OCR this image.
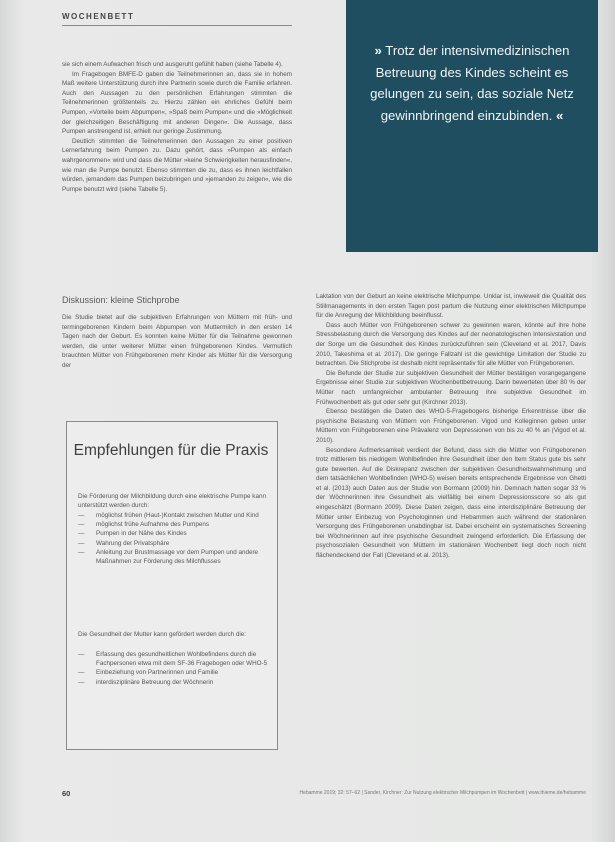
WOCHENBETT
» Trotz der intensivmedizinischen Betreuung des Kindes scheint es gelungen zu sein, das soziale Netz gewinnbringend einzubinden. «

sie sich einem Aufwachen frisch und ausgeruht gefühlt haben (siehe Tabelle 4).

Im Fragebogen BMFE-D gaben die Teilnehmerinnen an, dass sie in hohem Maß weitere Unterstützung durch ihre Partnerin sowie durch die Familie erfahren. Auch den Aussagen zu den persönlichen Erfahrungen stimmten die Teilnehmerinnen größtenteils zu. Hierzu zählen ein ehrliches Gefühl beim Pumpen, »Vorteile beim Abpumpen«, »Spaß beim Pumpen« und die »Möglichkeit der gleichzeitigen Beschäftigung mit anderen Dingen«. Die Aussage, dass Pumpen anstrengend ist, erhielt nur geringe Zustimmung.

Deutlich stimmten die Teilnehmerinnen den Aussagen zu einer positiven Lernerfahrung beim Pumpen zu. Dazu gehört, dass »Pumpen als einfach wahrgenommen« wird und dass die Mütter »keine Schwierigkeiten herausfinden«, wie man die Pumpe benutzt. Ebenso stimmten die zu, dass es ihnen leichtfallen würden, jemandem das Pumpen beizubringen und »jemanden zu zeigen«, wie die Pumpe benutzt wird (siehe Tabelle 5).

Diskussion: kleine Stichprobe

Die Studie bietet auf die subjektiven Erfahrungen von Müttern mit früh- und termingeborenen Kindern beim Abpumpen von Muttermilch in den ersten 14 Tagen nach der Geburt. Es konnten keine Mütter für die Teilnahme gewonnen werden, die unter weiterer Mütter einen frühgeborenen Kindes. Vermutlich brauchten Mütter von Frühgeborenen mehr Kinder als Mütter für die Versorgung der

Empfehlungen für die Praxis
Die Förderung der Milchbildung durch eine elektrische Pumpe kann unterstützt werden durch:
— möglichst frühen (Haut-)Kontakt zwischen Mutter und Kind
— möglichst frühe Aufnahme des Pumpens
— Pumpen in der Nähe des Kindes
— Wahrung der Privatsphäre
— Anleitung zur Brustmassage vor dem Pumpen und andere Maßnahmen zur Förderung des Milchflusses
Die Gesundheit der Mutter kann gefördert werden durch die:
— Erfassung des gesundheitlichen Wohlbefindens durch die Fachpersonen etwa mit dem SF-36 Fragebogen oder WHO-5
— Einbeziehung von Partnerinnen und Familie
— interdisziplinäre Betreuung der Wöchnerin

Laktation von der Geburt an keine elektrische Milchpumpe. Unklar ist, inwieweit die Qualität des Stillmanagements in den ersten Tagen post partum die Nutzung einer elektrischen Milchpumpe für die Anregung der Milchbildung beeinflusst.

Dass auch Mütter von Frühgeborenen schwer zu gewinnen waren, könnte auf ihre hohe Stressbelastung durch die Versorgung des Kindes auf der neonatologischen Intensivstation und der Sorge um die Gesundheit des Kindes zurückzuführen sein (Cleveland et al. 2017, Davis 2010, Takeshima et al. 2017). Die geringe Fallzahl ist die gewichtige Limitation der Studie zu betrachten. Die Stichprobe ist deshalb nicht repräsentativ für alle Mütter von Frühgeborenen.

Die Befunde der Studie zur subjektiven Gesundheit der Mütter bestätigen vorangegangene Ergebnisse einer Studie zur subjektiven Wochenbettbetreuung. Darin bewerteten über 80 % der Mütter nach umfangreicher ambulanter Betreuung ihre subjektive Gesundheit im Frühwochenbett als gut oder sehr gut (Kirchner 2013).

Ebenso bestätigen die Daten des WHO-5-Fragebogens bisherige Erkenntnisse über die psychische Belastung von Müttern von Frühgeborenen. Vigod und Kolleginnen geben unter Müttern von Frühgeborenen eine Prävalenz von Depressionen von bis zu 40 % an (Vigod et al. 2010).

Besondere Aufmerksamkeit verdient der Befund, dass sich die Mütter von Frühgeborenen trotz mittlerem bis niedrigem Wohlbefinden ihre Gesundheit über den Item Status gute bis sehr gute bewerten. Auf die Diskrepanz zwischen der subjektiven Gesundheitswahrnehmung und dem tatsächlichen Wohlbefinden (WHO-5) weisen bereits entsprechende Ergebnisse von Ghetti et al. (2013) auch Daten aus der Studie von Bormann (2009) hin. Demnach hatten sogar 33 % der Wöchnerinnen ihre Gesundheit als vielfältig bei einem Depressionsscore so als gut eingeschätzt (Bormann 2009). Diese Daten zeigen, dass eine interdisziplinäre Betreuung der Mütter unter Einbezug von Psychologinnen und Hebammen auch während der stationären Versorgung des Frühgeborenen unabdingbar ist. Dabei erscheint ein systematisches Screening bei Wöchnerinnen auf ihre psychische Gesundheit zwingend erforderlich. Die Erfassung der psychosozialen Gesundheit von Müttern im stationären Wochenbett liegt doch noch nicht flächendeckend der Fall (Cleveland et al. 2013).

60	Hebamme 2019; 32: 57–62 | Sander, Kirchner: Zur Nutzung elektrischer Milchpumpen im Wochenbett | www.thieme.de/hebamme
